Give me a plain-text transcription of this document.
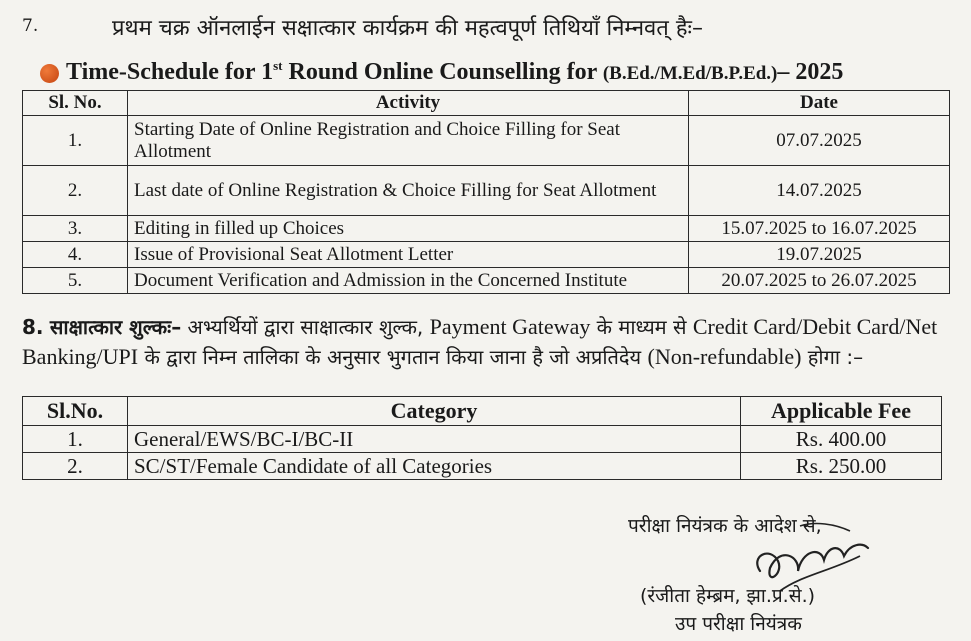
7.	प्रथम चक्र ऑनलाईन सक्षात्कार कार्यक्रम की महत्वपूर्ण तिथियाँ निम्नवत् हैः–
Time-Schedule for 1st Round Online Counselling for (B.Ed./M.Ed/B.P.Ed.)– 2025
Sl. No.	Activity	Date
1.	Starting Date of Online Registration and Choice Filling for Seat Allotment	07.07.2025
2.	Last date of Online Registration & Choice Filling for Seat Allotment	14.07.2025
3.	Editing in filled up Choices	15.07.2025 to 16.07.2025
4.	Issue of Provisional Seat Allotment Letter	19.07.2025
5.	Document Verification and Admission in the Concerned Institute	20.07.2025 to 26.07.2025
8. साक्षात्कार शुल्कः– अभ्यर्थियों द्वारा साक्षात्कार शुल्क, Payment Gateway के माध्यम से Credit Card/Debit Card/Net Banking/UPI के द्वारा निम्न तालिका के अनुसार भुगतान किया जाना है जो अप्रतिदेय (Non-refundable) होगा :–
Sl.No.	Category	Applicable Fee
1.	General/EWS/BC-I/BC-II	Rs. 400.00
2.	SC/ST/Female Candidate of all Categories	Rs. 250.00
परीक्षा नियंत्रक के आदेश से,
(रंजीता हेम्ब्रम, झा.प्र.से.)
उप परीक्षा नियंत्रक
